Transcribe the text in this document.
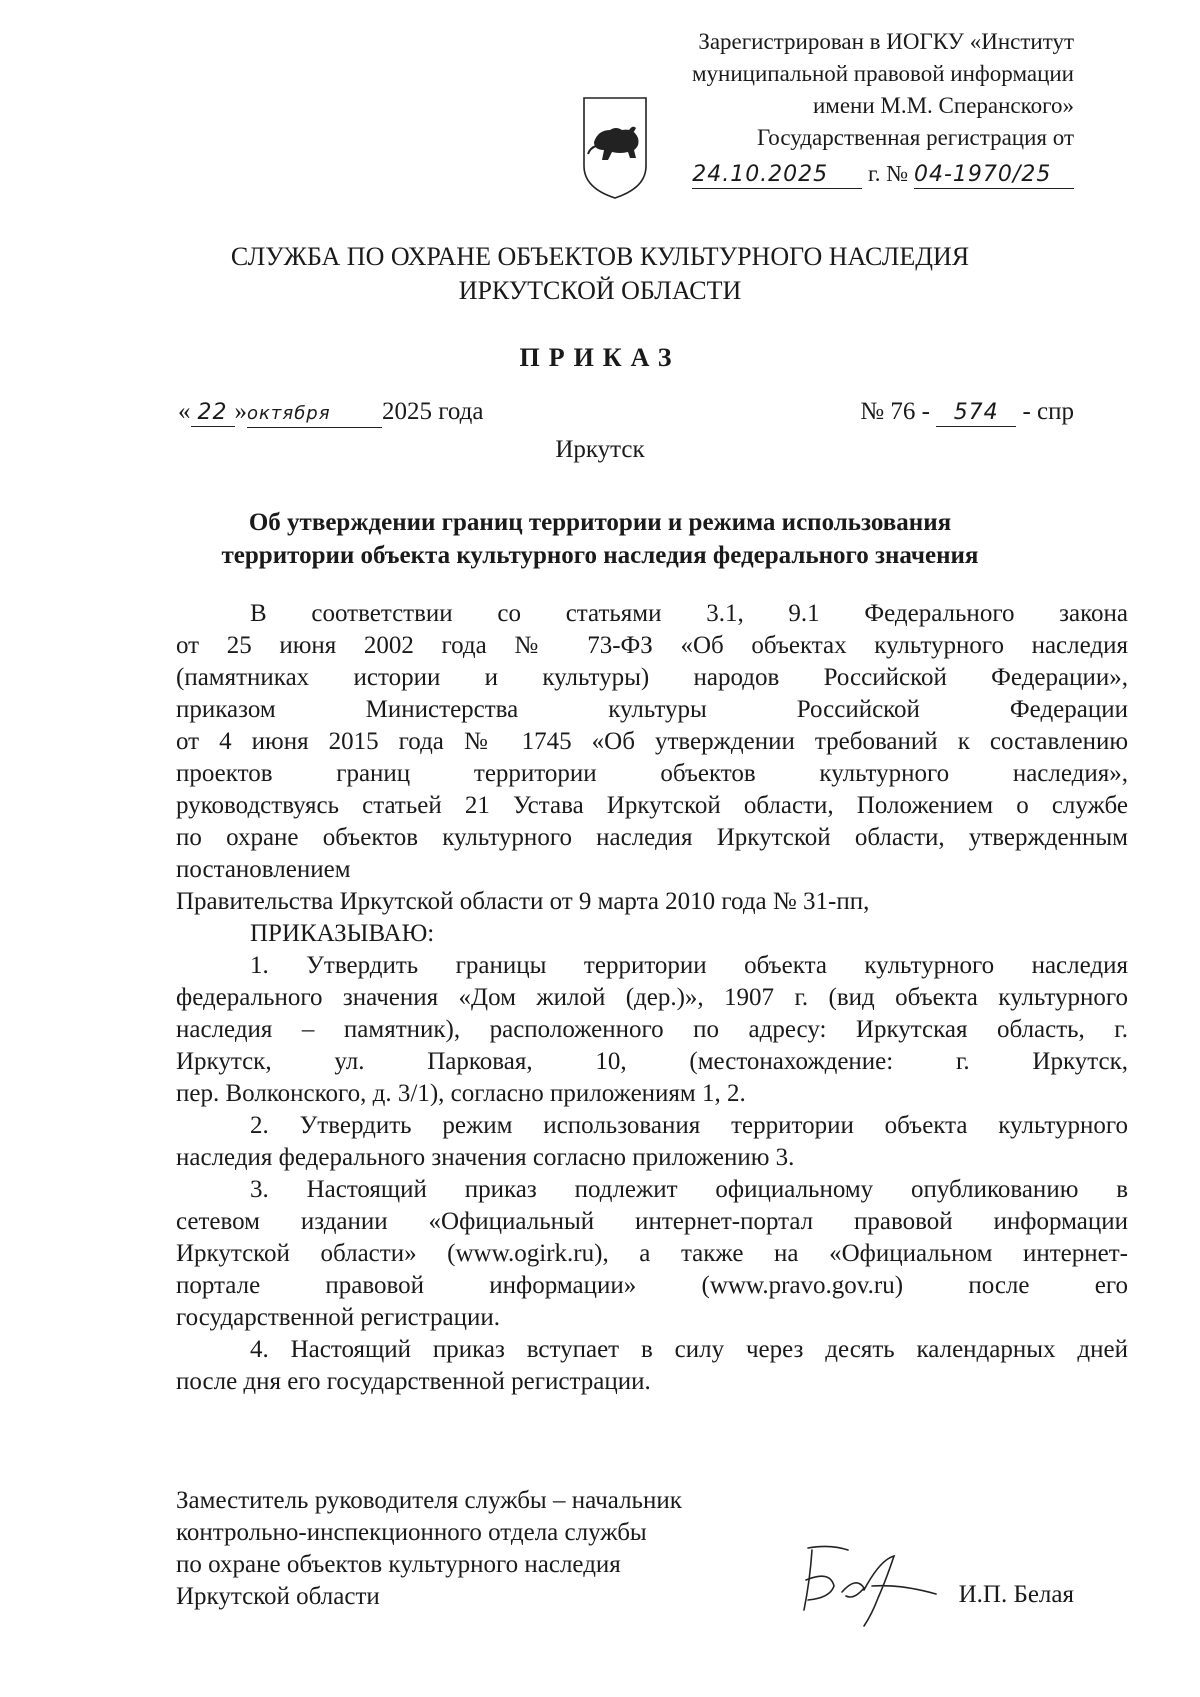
Зарегистрирован в ИОГКУ «Институт
муниципальной правовой информации
имени М.М. Сперанского»
Государственная регистрация от
24.10.2025 г. № 04-1970/25
СЛУЖБА ПО ОХРАНЕ ОБЪЕКТОВ КУЛЬТУРНОГО НАСЛЕДИЯ
ИРКУТСКОЙ ОБЛАСТИ
ПРИКАЗ
« 22 »октября 2025 года	№ 76 - 574 - спр
Иркутск
Об утверждении границ территории и режима использования
территории объекта культурного наследия федерального значения
В соответствии со статьями 3.1, 9.1 Федерального закона
от 25 июня 2002 года № 73-ФЗ «Об объектах культурного наследия
(памятниках истории и культуры) народов Российской Федерации»,
приказом Министерства культуры Российской Федерации
от 4 июня 2015 года № 1745 «Об утверждении требований к составлению
проектов границ территории объектов культурного наследия»,
руководствуясь статьей 21 Устава Иркутской области, Положением о службе
по охране объектов культурного наследия Иркутской области, утвержденным
постановлением
Правительства Иркутской области от 9 марта 2010 года № 31-пп,
ПРИКАЗЫВАЮ:
1. Утвердить границы территории объекта культурного наследия
федерального значения «Дом жилой (дер.)», 1907 г. (вид объекта культурного
наследия – памятник), расположенного по адресу: Иркутская область, г.
Иркутск, ул. Парковая, 10, (местонахождение: г. Иркутск,
пер. Волконского, д. 3/1), согласно приложениям 1, 2.
2. Утвердить режим использования территории объекта культурного
наследия федерального значения согласно приложению 3.
3. Настоящий приказ подлежит официальному опубликованию в
сетевом издании «Официальный интернет-портал правовой информации
Иркутской области» (www.ogirk.ru), а также на «Официальном интернет-
портале правовой информации» (www.pravo.gov.ru) после его
государственной регистрации.
4. Настоящий приказ вступает в силу через десять календарных дней
после дня его государственной регистрации.
Заместитель руководителя службы – начальник
контрольно-инспекционного отдела службы
по охране объектов культурного наследия
Иркутской области	И.П. Белая
